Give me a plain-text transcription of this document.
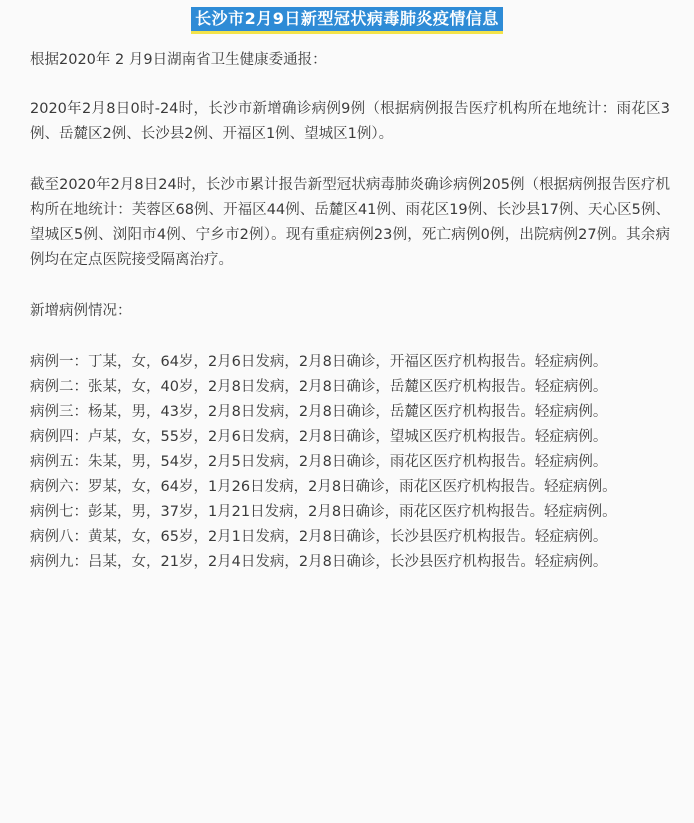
长沙市2月9日新型冠状病毒肺炎疫情信息

根据2020年 2 月9日湖南省卫生健康委通报：

2020年2月8日0时-24时，长沙市新增确诊病例9例（根据病例报告医疗机构所在地统计：雨花区3例、岳麓区2例、长沙县2例、开福区1例、望城区1例）。

截至2020年2月8日24时，长沙市累计报告新型冠状病毒肺炎确诊病例205例（根据病例报告医疗机构所在地统计：芙蓉区68例、开福区44例、岳麓区41例、雨花区19例、长沙县17例、天心区5例、望城区5例、浏阳市4例、宁乡市2例）。现有重症病例23例，死亡病例0例，出院病例27例。其余病例均在定点医院接受隔离治疗。

新增病例情况：

病例一：丁某，女，64岁，2月6日发病，2月8日确诊，开福区医疗机构报告。轻症病例。

病例二：张某，女，40岁，2月8日发病，2月8日确诊，岳麓区医疗机构报告。轻症病例。

病例三：杨某，男，43岁，2月8日发病，2月8日确诊，岳麓区医疗机构报告。轻症病例。

病例四：卢某，女，55岁，2月6日发病，2月8日确诊，望城区医疗机构报告。轻症病例。

病例五：朱某，男，54岁，2月5日发病，2月8日确诊，雨花区医疗机构报告。轻症病例。

病例六：罗某，女，64岁，1月26日发病，2月8日确诊，雨花区医疗机构报告。轻症病例。

病例七：彭某，男，37岁，1月21日发病，2月8日确诊，雨花区医疗机构报告。轻症病例。

病例八：黄某，女，65岁，2月1日发病，2月8日确诊，长沙县医疗机构报告。轻症病例。

病例九：吕某，女，21岁，2月4日发病，2月8日确诊，长沙县医疗机构报告。轻症病例。
